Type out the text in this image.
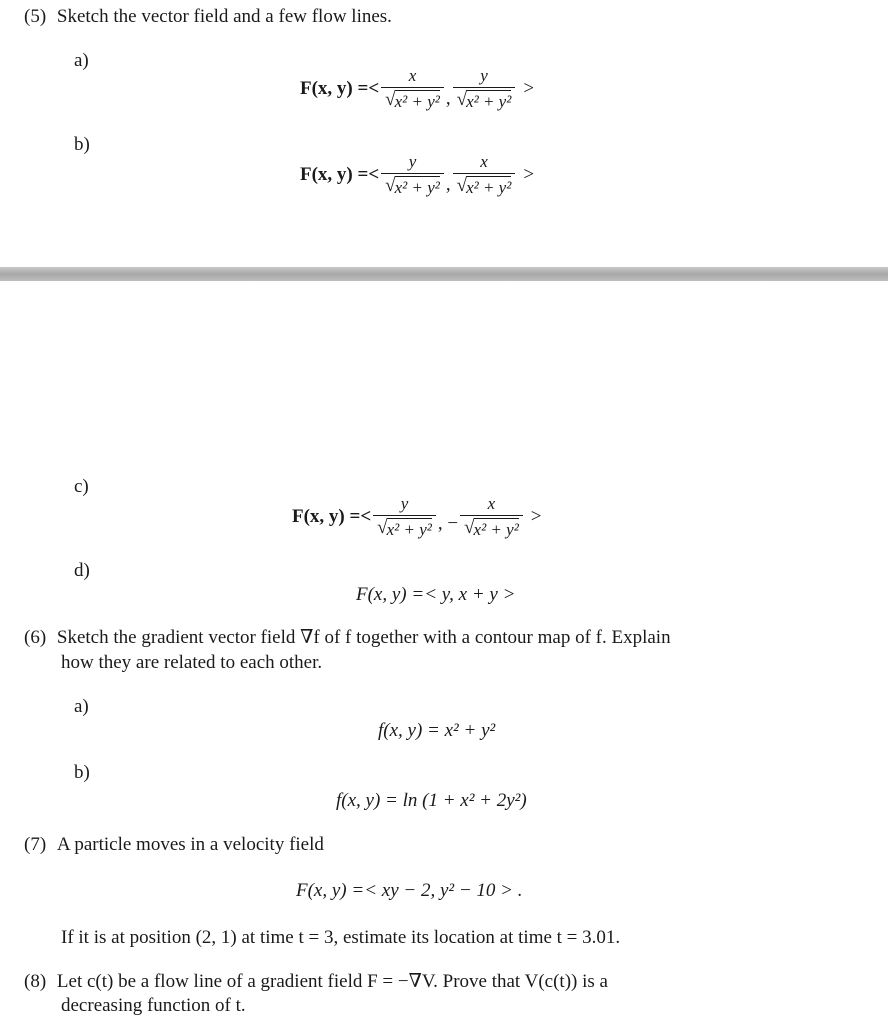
(5) Sketch the vector field and a few flow lines.
a)
F(x, $y) =< \frac{x}{\text{√ x² + y²}}$ , $\frac{y}{\text{√ x² + y²}}$ >
b)
F(x, $y) =< \frac{y}{\text{√ x² + y²}}$ , $\frac{x}{\text{√ x² + y²}}$ >
c)
F(x, $y) =< \frac{y}{\text{√ x² + y²}}$ , − $\frac{x}{\text{√ x² + y²}}$ >
d)
F(x, y) =< y, x + y >
(6) Sketch the gradient vector field ∇f of f together with a contour map of f. Explain
how they are related to each other.
a)
f(x, y) = x² + y²
b)
f(x, y) = ln (1 + x² + 2y²)
(7) A particle moves in a velocity field
F(x, y) =< xy − 2, y² − 10 > .
If it is at position (2, 1) at time t = 3, estimate its location at time t = 3.01.
(8) Let c(t) be a flow line of a gradient field F = −∇V. Prove that V(c(t)) is a
decreasing function of t.
